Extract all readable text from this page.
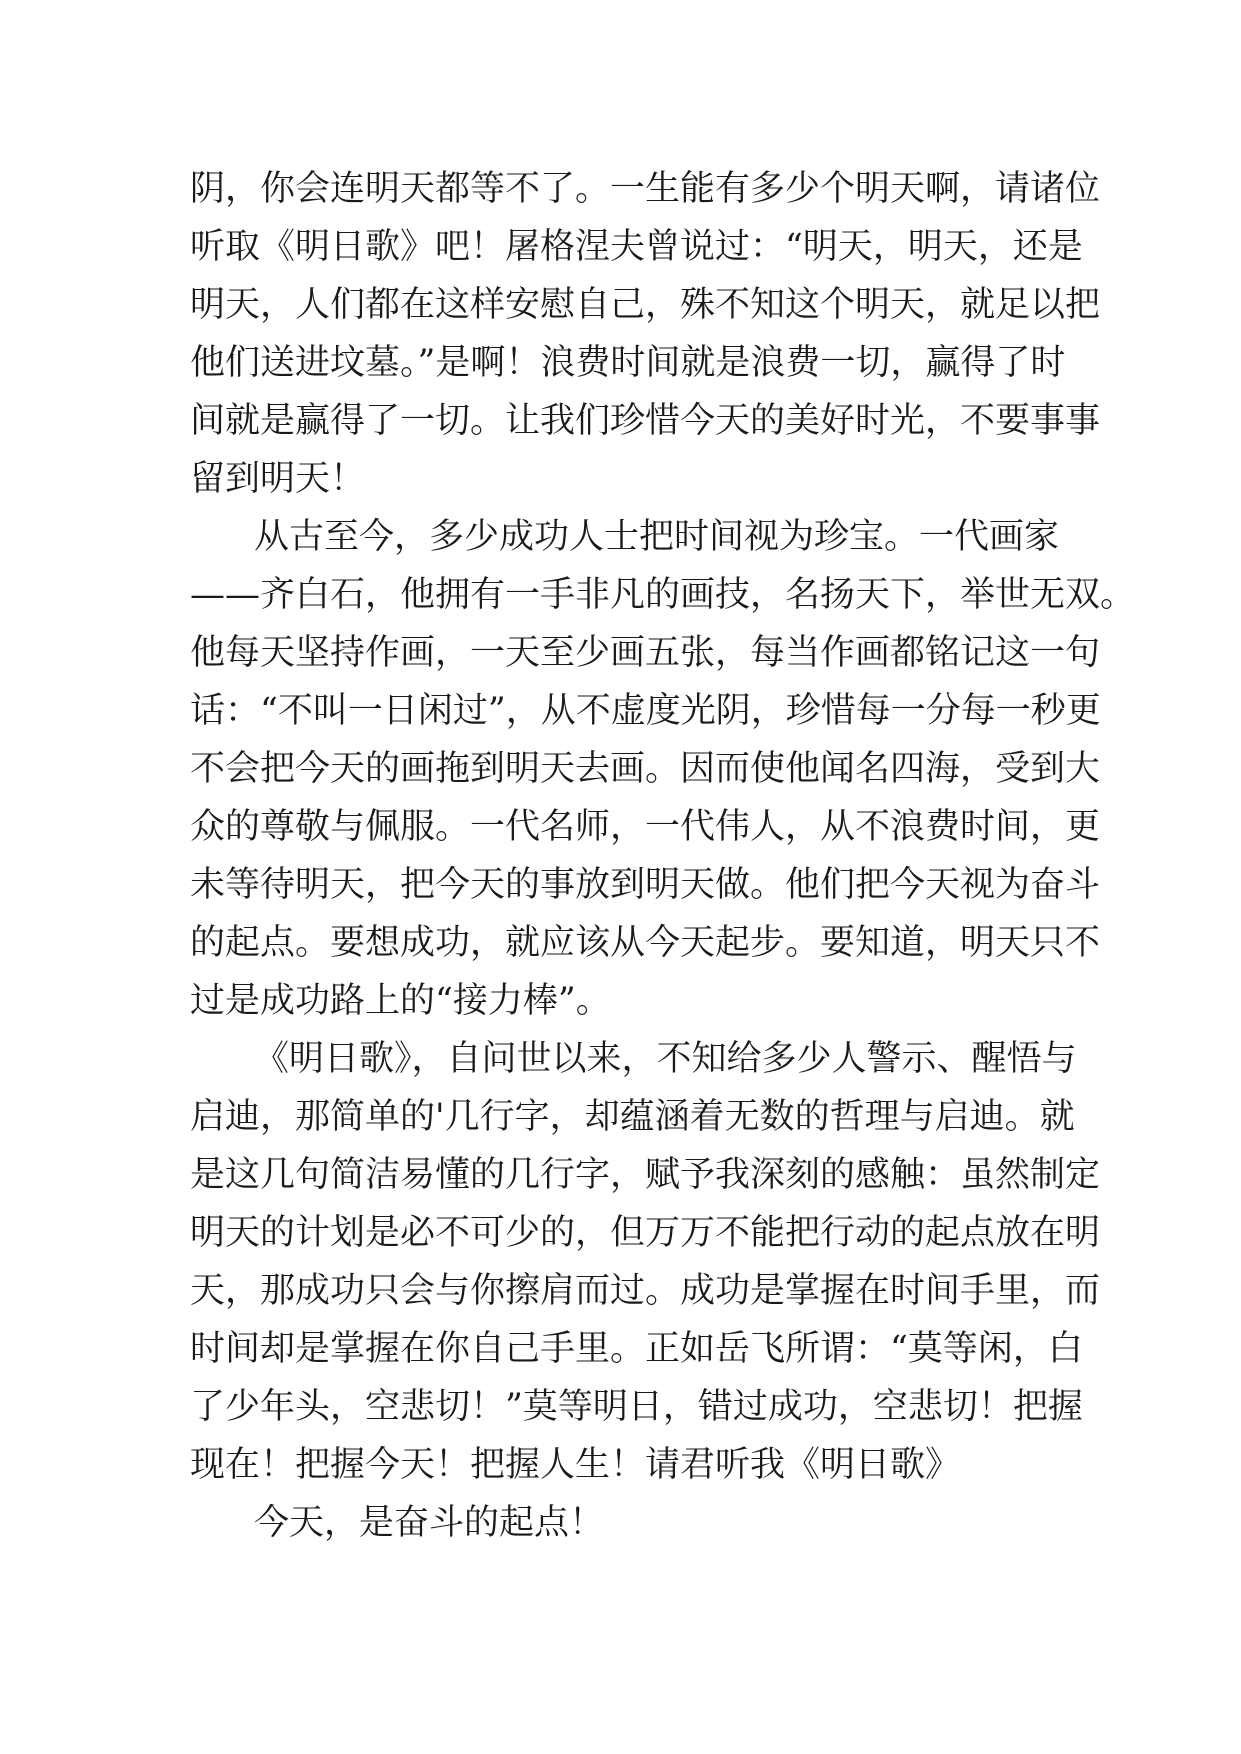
阴，你会连明天都等不了。一生能有多少个明天啊，请诸位
听取《明日歌》吧！屠格涅夫曾说过：“明天，明天，还是
明天，人们都在这样安慰自己，殊不知这个明天，就足以把
他们送进坟墓。”是啊！浪费时间就是浪费一切，赢得了时
间就是赢得了一切。让我们珍惜今天的美好时光，不要事事
留到明天！
从古至今，多少成功人士把时间视为珍宝。一代画家
——齐白石，他拥有一手非凡的画技，名扬天下，举世无双。
他每天坚持作画，一天至少画五张，每当作画都铭记这一句
话：“不叫一日闲过”，从不虚度光阴，珍惜每一分每一秒更
不会把今天的画拖到明天去画。因而使他闻名四海，受到大
众的尊敬与佩服。一代名师，一代伟人，从不浪费时间，更
未等待明天，把今天的事放到明天做。他们把今天视为奋斗
的起点。要想成功，就应该从今天起步。要知道，明天只不
过是成功路上的“接力棒”。
《明日歌》，自问世以来，不知给多少人警示、醒悟与
启迪，那简单的'几行字，却蕴涵着无数的哲理与启迪。就
是这几句简洁易懂的几行字，赋予我深刻的感触：虽然制定
明天的计划是必不可少的，但万万不能把行动的起点放在明
天，那成功只会与你擦肩而过。成功是掌握在时间手里，而
时间却是掌握在你自己手里。正如岳飞所谓：“莫等闲，白
了少年头，空悲切！”莫等明日，错过成功，空悲切！把握
现在！把握今天！把握人生！请君听我《明日歌》
今天，是奋斗的起点！
